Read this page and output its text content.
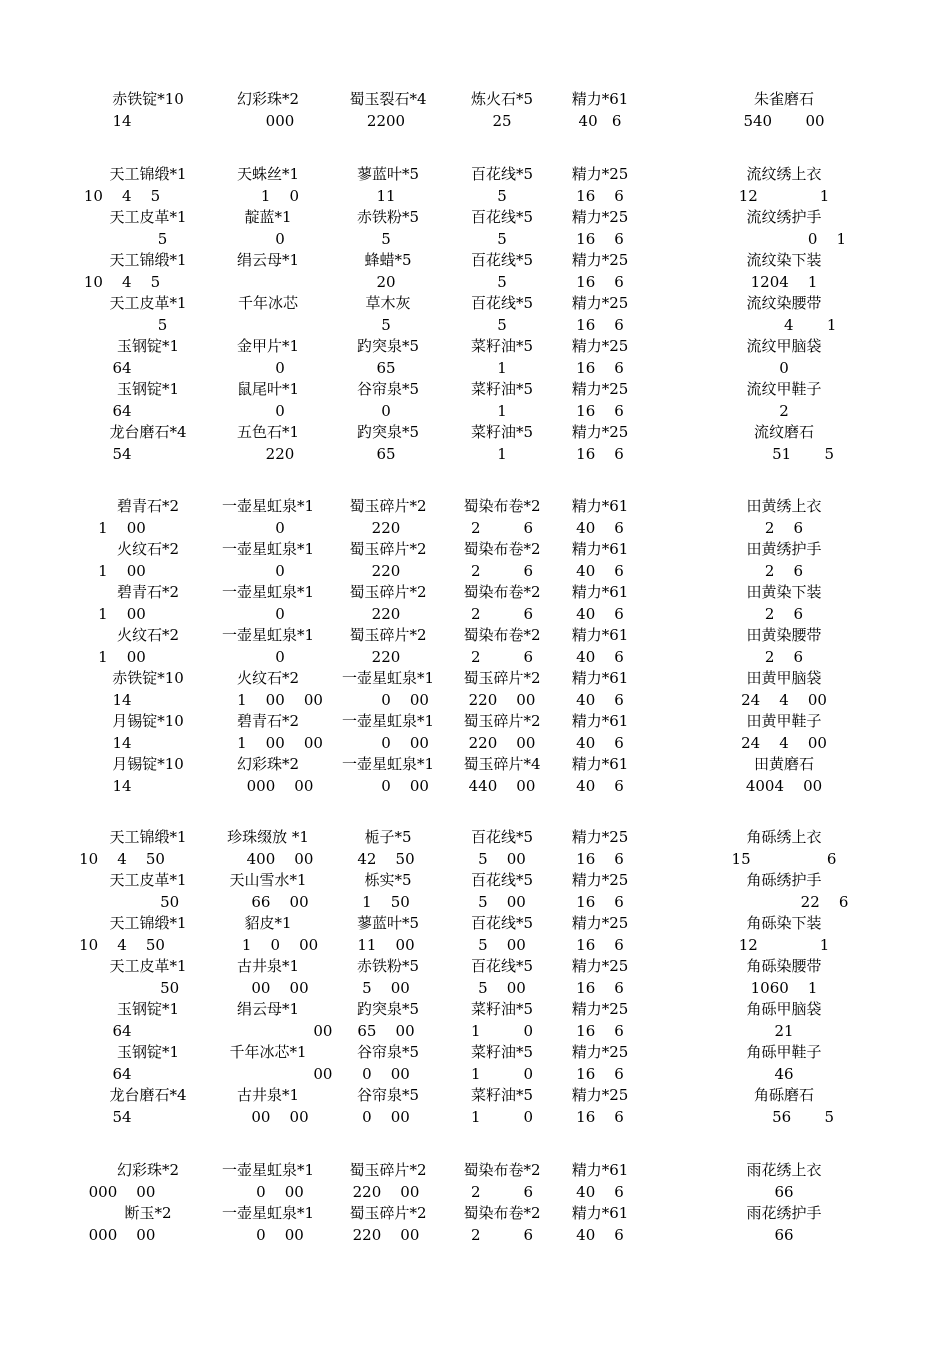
赤铁锭*10
14
幻彩珠*2
000
蜀玉裂石*4
2200
炼火石*5
25
精力*61
40   6
朱雀磨石
540       00
天工锦缎*1
10    4    5
天蛛丝*1
1    0
蓼蓝叶*5
11
百花线*5
5
精力*25
16    6
流纹绣上衣
12             1
天工皮革*1
5
靛蓝*1
0
赤铁粉*5
5
百花线*5
5
精力*25
16    6
流纹绣护手
0    1
天工锦缎*1
10    4    5
绢云母*1	蜂蜡*5
20
百花线*5
5
精力*25
16    6
流纹染下装
1204    1
天工皮革*1
5
千年冰芯	草木灰
5
百花线*5
5
精力*25
16    6
流纹染腰带
4       1
玉钢锭*1
64
金甲片*1
0
趵突泉*5
65
菜籽油*5
1
精力*25
16    6
流纹甲脑袋
0
玉钢锭*1
64
鼠尾叶*1
0
谷帘泉*5
0
菜籽油*5
1
精力*25
16    6
流纹甲鞋子
2
龙台磨石*4
54
五色石*1
220
趵突泉*5
65
菜籽油*5
1
精力*25
16    6
流纹磨石
51       5
碧青石*2
1    00
一壶星虹泉*1
0
蜀玉碎片*2
220
蜀染布卷*2
2         6
精力*61
40    6
田黄绣上衣
2    6
火纹石*2
1    00
一壶星虹泉*1
0
蜀玉碎片*2
220
蜀染布卷*2
2         6
精力*61
40    6
田黄绣护手
2    6
碧青石*2
1    00
一壶星虹泉*1
0
蜀玉碎片*2
220
蜀染布卷*2
2         6
精力*61
40    6
田黄染下装
2    6
火纹石*2
1    00
一壶星虹泉*1
0
蜀玉碎片*2
220
蜀染布卷*2
2         6
精力*61
40    6
田黄染腰带
2    6
赤铁锭*10
14
火纹石*2
1    00    00
一壶星虹泉*1
0    00
蜀玉碎片*2
220    00
精力*61
40    6
田黄甲脑袋
24    4    00
月锡锭*10
14
碧青石*2
1    00    00
一壶星虹泉*1
0    00
蜀玉碎片*2
220    00
精力*61
40    6
田黄甲鞋子
24    4    00
月锡锭*10
14
幻彩珠*2
000    00
一壶星虹泉*1
0    00
蜀玉碎片*4
440    00
精力*61
40    6
田黄磨石
4004    00
天工锦缎*1
10    4    50
珍珠缀放 *1
400    00
栀子*5
42    50
百花线*5
5    00
精力*25
16    6
角砾绣上衣
15                6
天工皮革*1
50
天山雪水*1
66    00
栎实*5
1    50
百花线*5
5    00
精力*25
16    6
角砾绣护手
22    6
天工锦缎*1
10    4    50
貂皮*1
1    0    00
蓼蓝叶*5
11    00
百花线*5
5    00
精力*25
16    6
角砾染下装
12             1
天工皮革*1
50
古井泉*1
00    00
赤铁粉*5
5    00
百花线*5
5    00
精力*25
16    6
角砾染腰带
1060    1
玉钢锭*1
64
绢云母*1
00
趵突泉*5
65    00
菜籽油*5
1         0
精力*25
16    6
角砾甲脑袋
21
玉钢锭*1
64
千年冰芯*1
00
谷帘泉*5
0    00
菜籽油*5
1         0
精力*25
16    6
角砾甲鞋子
46
龙台磨石*4
54
古井泉*1
00    00
谷帘泉*5
0    00
菜籽油*5
1         0
精力*25
16    6
角砾磨石
56       5
幻彩珠*2
000    00
一壶星虹泉*1
0    00
蜀玉碎片*2
220    00
蜀染布卷*2
2         6
精力*61
40    6
雨花绣上衣
66
断玉*2
000    00
一壶星虹泉*1
0    00
蜀玉碎片*2
220    00
蜀染布卷*2
2         6
精力*61
40    6
雨花绣护手
66
